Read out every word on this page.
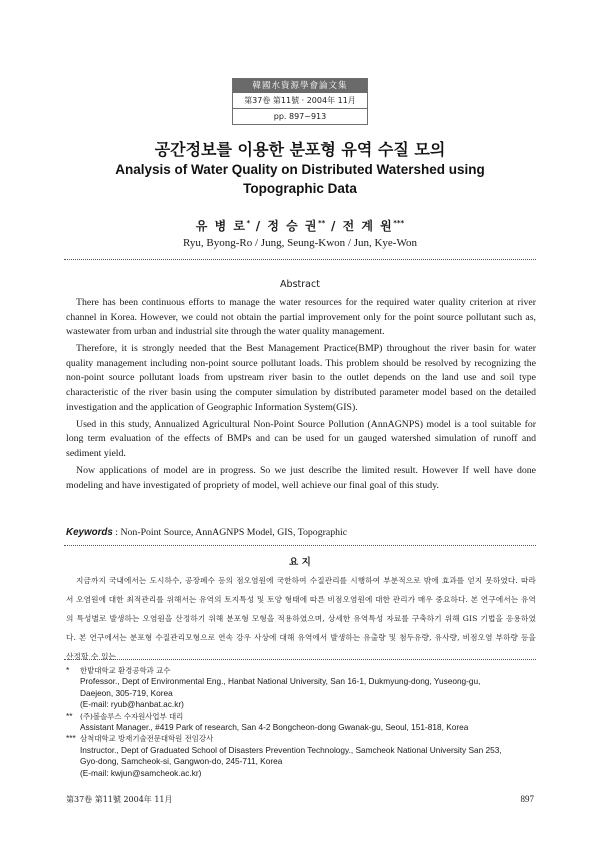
韓國水資源學會論文集
第37卷 第11號 · 2004年 11月
pp. 897~913
공간정보를 이용한 분포형 유역 수질 모의
Analysis of Water Quality on Distributed Watershed using
Topographic Data
유 병 로* / 정 승 권** / 전 계 원***
Ryu, Byong-Ro / Jung, Seung-Kwon / Jun, Kye-Won
Abstract

There has been continuous efforts to manage the water resources for the required water quality criterion at river channel in Korea. However, we could not obtain the partial improvement only for the point source pollutant such as, wastewater from urban and industrial site through the water quality management.

Therefore, it is strongly needed that the Best Management Practice(BMP) throughout the river basin for water quality management including non-point source pollutant loads. This problem should be resolved by recognizing the non-point source pollutant loads from upstream river basin to the outlet depends on the land use and soil type characteristic of the river basin using the computer simulation by distributed parameter model based on the detailed investigation and the application of Geographic Information System(GIS).

Used in this study, Annualized Agricultural Non-Point Source Pollution (AnnAGNPS) model is a tool suitable for long term evaluation of the effects of BMPs and can be used for un gauged watershed simulation of runoff and sediment yield.

Now applications of model are in progress. So we just describe the limited result. However If well have done modeling and have investigated of propriety of model, well achieve our final goal of this study.

Keywords : Non-Point Source, AnnAGNPS Model, GIS, Topographic
요 지
지금까지 국내에서는 도시하수, 공장폐수 등의 점오염원에 국한하여 수질관리를 시행하여 부분적으로 밖에 효과를 얻지 못하였다. 따라서 오염원에 대한 최적관리를 위해서는 유역의 토지특성 및 토양 형태에 따른 비점오염원에 대한 관리가 매우 중요하다. 본 연구에서는 유역의 특성별로 발생하는 오염원을 산정하기 위해 분포형 모형을 적용하였으며, 상세한 유역특성 자료를 구축하기 위해 GIS 기법을 응용하였다. 본 연구에서는 분포형 수질관리모형으로 연속 강우 사상에 대해 유역에서 발생하는 유출량 및 첨두유량, 유사량, 비점오염 부하량 등을 산정할 수 있는
*	한밭대학교 환경공학과 교수
Professor., Dept of Environmental Eng., Hanbat National University, San 16-1, Dukmyung-dong, Yuseong-gu,
Daejeon, 305-719, Korea
(E-mail: ryub@hanbat.ac.kr)
**	(주)볼솔루스 수자원사업부 대리
Assistant Manager., #419 Park of research, San 4-2 Bongcheon-dong Gwanak-gu, Seoul, 151-818, Korea
*** 삼척대학교 방재기술전문대학원 전임강사
Instructor., Dept of Graduated School of Disasters Prevention Technology., Samcheok National University San 253,
Gyo-dong, Samcheok-si, Gangwon-do, 245-711, Korea
(E-mail: kwjun@samcheok.ac.kr)
第37卷 第11號 2004年 11月	897
